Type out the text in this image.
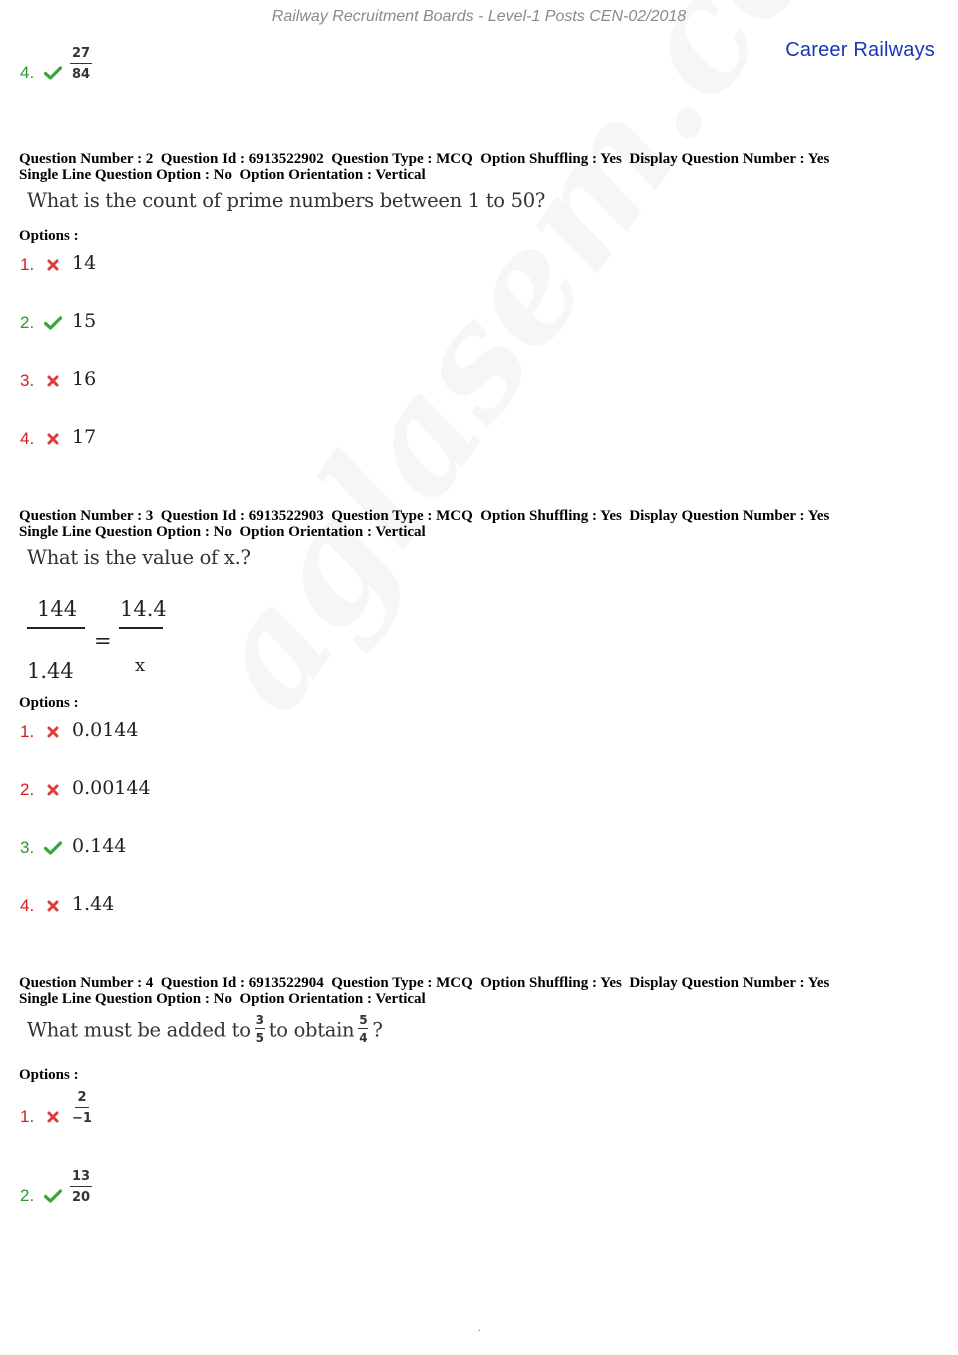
Railway Recruitment Boards - Level-1 Posts CEN-02/2018
Career Railways
4.	$\frac{27}{84}$
Question Number : 2  Question Id : 6913522902  Question Type : MCQ  Option Shuffling : Yes  Display Question Number : Yes
Single Line Question Option : No  Option Orientation : Vertical
What is the count of prime numbers between 1 to 50?
Options :
1.	14
2.	15
3.	16
4.	17
Question Number : 3  Question Id : 6913522903  Question Type : MCQ  Option Shuffling : Yes  Display Question Number : Yes
Single Line Question Option : No  Option Orientation : Vertical
What is the value of x.?
144
1.44
=
14.4
x
Options :
1.	0.0144
2.	0.00144
3.	0.144
4.	1.44
Question Number : 4  Question Id : 6913522904  Question Type : MCQ  Option Shuffling : Yes  Display Question Number : Yes
Single Line Question Option : No  Option Orientation : Vertical
What must be added to $\frac{3}{5}$ to obtain $\frac{5}{4}$ ?
Options :
1.	$\frac{2}{-1}$
2.	$\frac{13}{20}$
.
